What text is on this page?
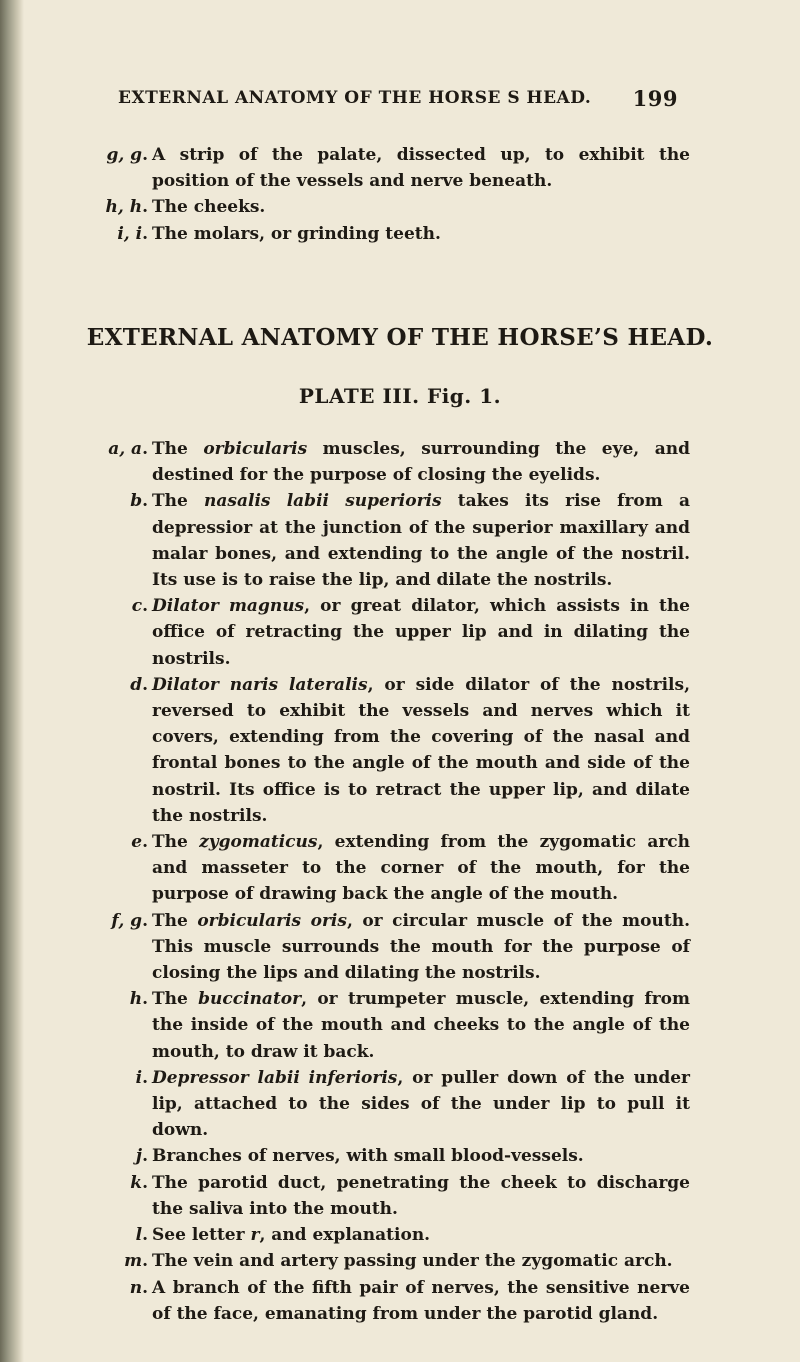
EXTERNAL ANATOMY OF THE HORSE S HEAD. 199
g, g . A strip of the palate, dissected up, to exhibit the position of the vessels and nerve beneath.
h, h . The cheeks.
i, i . The molars, or grinding teeth.
EXTERNAL ANATOMY OF THE HORSE’S HEAD.
PLATE III. Fig. 1.
a, a . The orbicularis muscles, surrounding the eye, and destined for the purpose of closing the eyelids.
b . The nasalis labii superioris takes its rise from a depressior at the junction of the superior maxillary and malar bones, and extending to the angle of the nostril. Its use is to raise the lip, and dilate the nostrils.
c . Dilator magnus, or great dilator, which assists in the office of retracting the upper lip and in dilating the nostrils.
d . Dilator naris lateralis, or side dilator of the nostrils, reversed to exhibit the vessels and nerves which it covers, extending from the covering of the nasal and frontal bones to the angle of the mouth and side of the nostril. Its office is to retract the upper lip, and dilate the nostrils.
e . The zygomaticus, extending from the zygomatic arch and masseter to the corner of the mouth, for the purpose of drawing back the angle of the mouth.
f, g . The orbicularis oris, or circular muscle of the mouth. This muscle surrounds the mouth for the purpose of closing the lips and dilating the nostrils.
h . The buccinator, or trumpeter muscle, extending from the inside of the mouth and cheeks to the angle of the mouth, to draw it back.
i . Depressor labii inferioris, or puller down of the under lip, attached to the sides of the under lip to pull it down.
j . Branches of nerves, with small blood-vessels.
k . The parotid duct, penetrating the cheek to discharge the saliva into the mouth.
l . See letter r, and explanation.
m . The vein and artery passing under the zygomatic arch.
n . A branch of the fifth pair of nerves, the sensitive nerve of the face, emanating from under the parotid gland.
